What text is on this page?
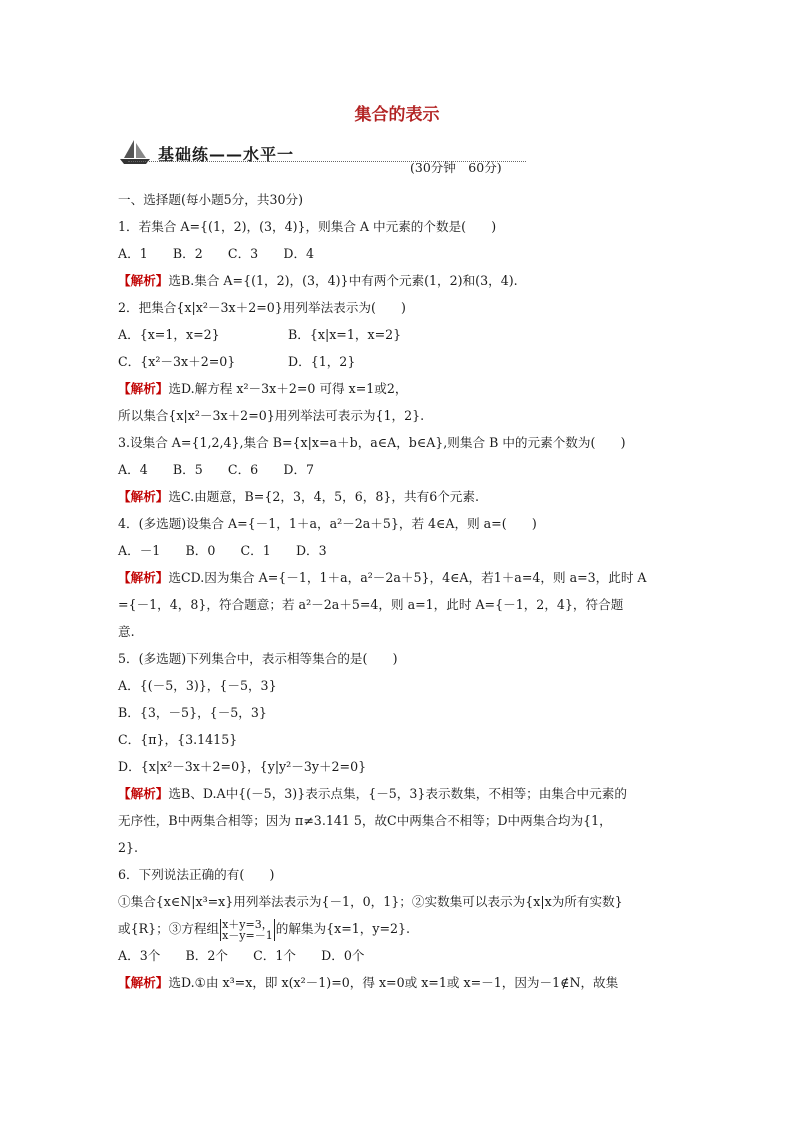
集合的表示
基础练——水平一
(30分钟　60分)
一、选择题(每小题5分，共30分)
1．若集合 A={(1，2)，(3，4)}，则集合 A 中元素的个数是(　　)
A．1　　B．2　　C．3　　D．4
【解析】选B.集合 A={(1，2)，(3，4)}中有两个元素(1，2)和(3，4).
2．把集合{x|x²－3x＋2=0}用列举法表示为(　　)
A．{x=1，x=2}	B．{x|x=1，x=2}
C．{x²－3x＋2=0}	D．{1，2}
【解析】选D.解方程 x²－3x＋2=0 可得 x=1或2，
所以集合{x|x²－3x＋2=0}用列举法可表示为{1，2}.
3.设集合 A={1,2,4},集合 B={x|x=a＋b，a∈A，b∈A},则集合 B 中的元素个数为(　　)
A．4　　B．5　　C．6　　D．7
【解析】选C.由题意，B={2，3，4，5，6，8}，共有6个元素.
4．(多选题)设集合 A={－1，1＋a，a²－2a＋5}，若 4∈A，则 a=(　　)
A．－1　　B．0　　C．1　　D．3
【解析】选CD.因为集合 A={－1，1＋a，a²－2a＋5}，4∈A，若1＋a=4，则 a=3，此时 A
={－1，4，8}，符合题意；若 a²－2a＋5=4，则 a=1，此时 A={－1，2，4}，符合题
意.
5．(多选题)下列集合中，表示相等集合的是(　　)
A．{(－5，3)}，{－5，3}
B．{3，－5}，{－5，3}
C．{π}，{3.1415}
D．{x|x²－3x＋2=0}，{y|y²－3y＋2=0}
【解析】选B、D.A中{(－5，3)}表示点集，{－5，3}表示数集，不相等；由集合中元素的
无序性，B中两集合相等；因为 π≠3.141 5，故C中两集合不相等；D中两集合均为{1，
2}.
6．下列说法正确的有(　　)
①集合{x∈N|x³=x}用列举法表示为{－1，0，1}；②实数集可以表示为{x|x为所有实数}
或{R}；③方程组 x＋y=3，
x－y=－1 的解集为{x=1，y=2}.
A．3个　　B．2个　　C．1个　　D．0个
【解析】选D.①由 x³=x，即 x(x²－1)=0，得 x=0或 x=1或 x=－1，因为－1∉N，故集
